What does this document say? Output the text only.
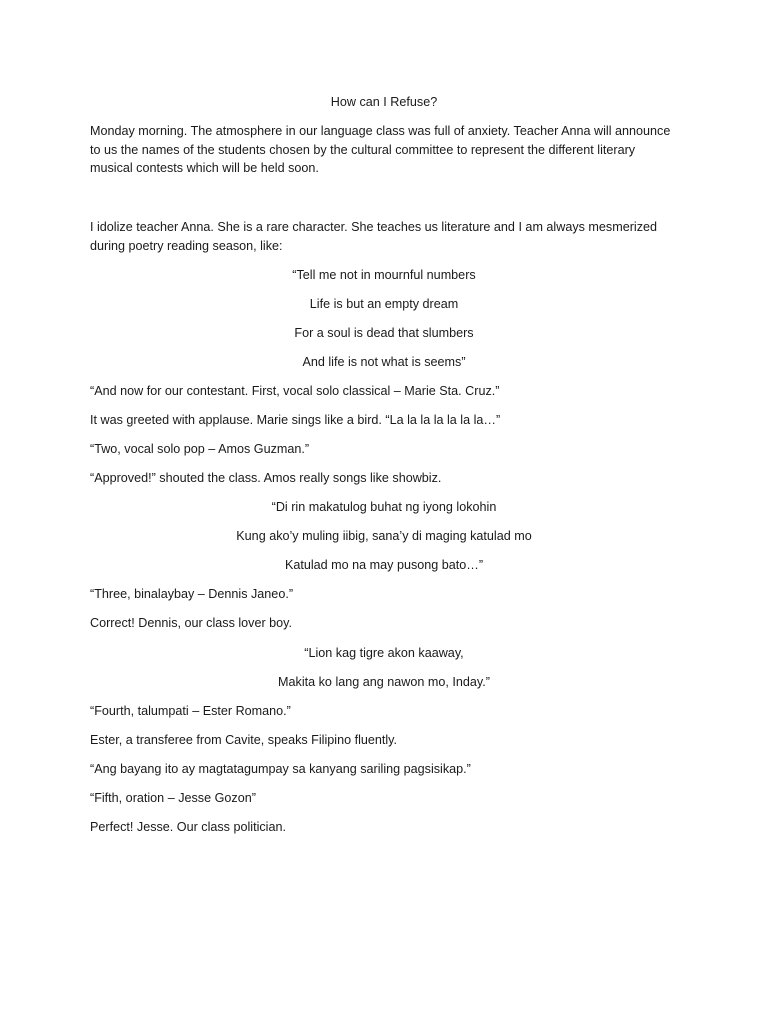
How can I Refuse?

Monday morning. The atmosphere in our language class was full of anxiety. Teacher Anna will announce

to us the names of the students chosen by the cultural committee to represent the different literary

musical contests which will be held soon.

I idolize teacher Anna. She is a rare character. She teaches us literature and I am always mesmerized

during poetry reading season, like:

“Tell me not in mournful numbers

Life is but an empty dream

For a soul is dead that slumbers

And life is not what is seems”

“And now for our contestant. First, vocal solo classical – Marie Sta. Cruz.”

It was greeted with applause. Marie sings like a bird. “La la la la la la la…”

“Two, vocal solo pop – Amos Guzman.”

“Approved!” shouted the class. Amos really songs like showbiz.

“Di rin makatulog buhat ng iyong lokohin

Kung ako’y muling iibig, sana’y di maging katulad mo

Katulad mo na may pusong bato…”

“Three, binalaybay – Dennis Janeo.”

Correct! Dennis, our class lover boy.

“Lion kag tigre akon kaaway,

Makita ko lang ang nawon mo, Inday.”

“Fourth, talumpati – Ester Romano.”

Ester, a transferee from Cavite, speaks Filipino fluently.

“Ang bayang ito ay magtatagumpay sa kanyang sariling pagsisikap.”

“Fifth, oration – Jesse Gozon”

Perfect! Jesse. Our class politician.
